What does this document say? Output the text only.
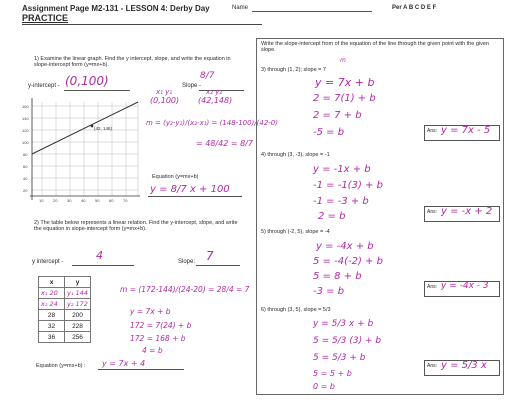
Assignment Page M2-131 - LESSON 4: Derby Day
PRACTICE
Name	Per A B C D E F
1) Examine the linear graph. Find the y intercept, slope, and write the equation in slope-intercept form (y=mx+b).
y-intercept - (0,100)	Slope -
8/7
(42, 148)
160
140
120
100
80
60
40
20
10 20 30 40 50 60 70
x₁ y₁	x₂ y₂
(0,100) (42,148)
m = (y₂-y₁)/(x₂-x₁) = (148-100)/(42-0)
= 48/42 = 8/7
Equation (y=mx+b)
y = 8/7 x + 100
2) The table below represents a linear relation. Find the y-intercept, slope, and write the equation in slope-intercept form (y=mx+b).
y intercept -	4	Slope: 7
x	y
x₁ 20	y₁ 144
x₂ 24	y₂ 172
28	200
32	228
36	256
m = (172-144)/(24-20) = 28/4 = 7
y = 7x + b
172 = 7(24) + b
172 = 168 + b
4 = b
Equation (y=mx+b) : y = 7x + 4
Write the slope-intercept from of the equation of the line through the given point with the given slope.
3) through (1, 2); slope = 7
m
y = 7x + b
2 = 7(1) + b
2 = 7 + b
-5 = b	Ans: y = 7x - 5
4) through (3, -3), slope = -1
y = -1x + b
-1 = -1(3) + b
-1 = -3 + b
2 = b	Ans: y = -x + 2
5) through (-2, 5), slope = -4
y = -4x + b
5 = -4(-2) + b
5 = 8 + b
-3 = b	Ans: y = -4x - 3
6) through (3, 5), slope = 5/3
y = 5/3 x + b
5 = 5/3 (3) + b
5 = 5/3 + b
5 = 5 + b
0 = b
Ans: y = 5/3 x
